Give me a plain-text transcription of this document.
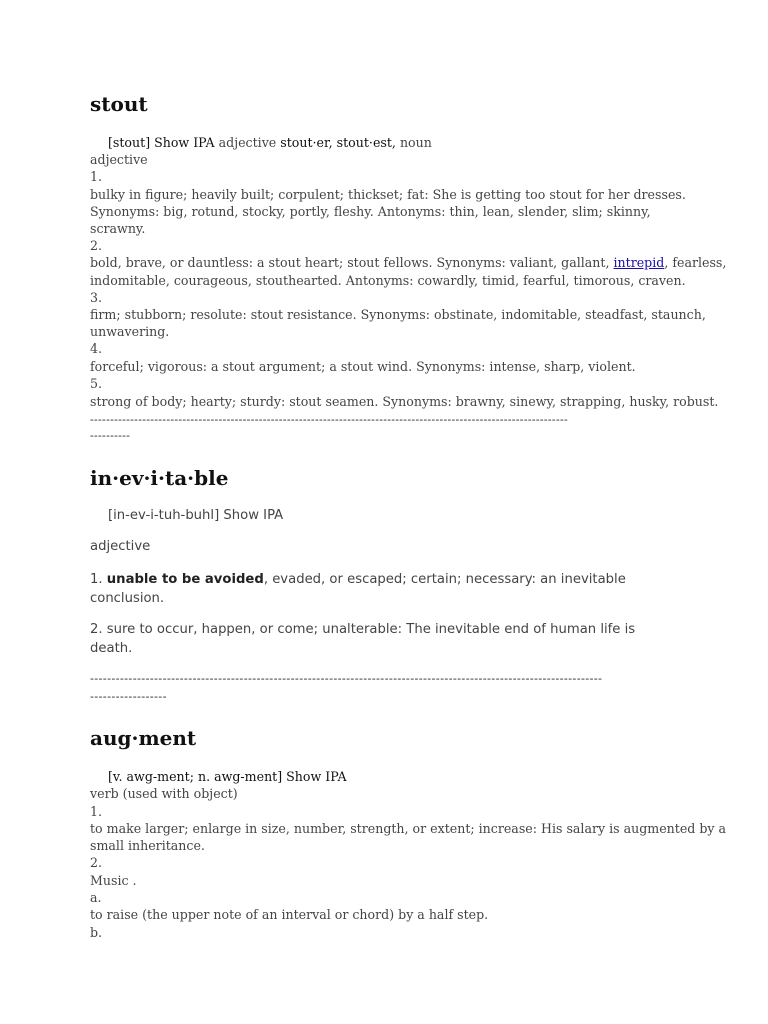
stout
[stout] Show IPA adjective stout·er, stout·est, noun
adjective
1.
bulky in figure; heavily built; corpulent; thickset; fat: She is getting too stout for her dresses.
Synonyms: big, rotund, stocky, portly, fleshy. Antonyms: thin, lean, slender, slim; skinny,
scrawny.
2.
bold, brave, or dauntless: a stout heart; stout fellows. Synonyms: valiant, gallant, intrepid, fearless,
indomitable, courageous, stouthearted. Antonyms: cowardly, timid, fearful, timorous, craven.
3.
firm; stubborn; resolute: stout resistance. Synonyms: obstinate, indomitable, steadfast, staunch,
unwavering.
4.
forceful; vigorous: a stout argument; a stout wind. Synonyms: intense, sharp, violent.
5.
strong of body; hearty; sturdy: stout seamen. Synonyms: brawny, sinewy, strapping, husky, robust.
-----------------------------------------------------------------------------------------------------------------------
----------
in·ev·i·ta·ble
[in-ev-i-tuh-buhl] Show IPA
adjective
1. unable to be avoided, evaded, or escaped; certain; necessary: an inevitable
conclusion.
2. sure to occur, happen, or come; unalterable: The inevitable end of human life is
death.
------------------------------------------------------------------------------------------------------------------------
------------------
aug·ment
[v. awg-ment; n. awg-ment] Show IPA
verb (used with object)
1.
to make larger; enlarge in size, number, strength, or extent; increase: His salary is augmented by a
small inheritance.
2.
Music .
a.
to raise (the upper note of an interval or chord) by a half step.
b.
